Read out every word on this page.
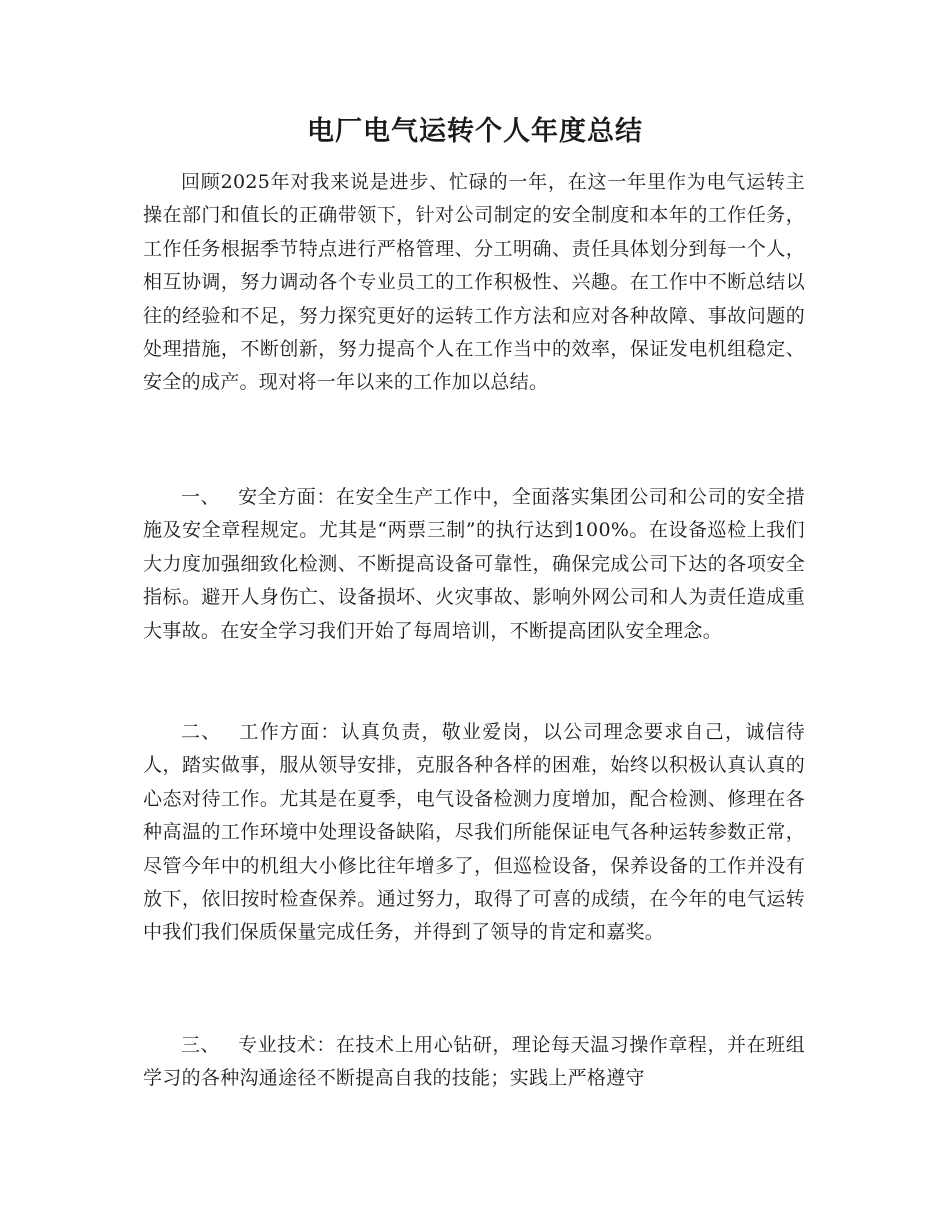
电厂电气运转个人年度总结

回顾2025年对我来说是进步、忙碌的一年，在这一年里作为电气运转主操在部门和值长的正确带领下，针对公司制定的安全制度和本年的工作任务，工作任务根据季节特点进行严格管理、分工明确、责任具体划分到每一个人，相互协调，努力调动各个专业员工的工作积极性、兴趣。在工作中不断总结以往的经验和不足，努力探究更好的运转工作方法和应对各种故障、事故问题的处理措施，不断创新，努力提高个人在工作当中的效率，保证发电机组稳定、安全的成产。现对将一年以来的工作加以总结。

一、 安全方面：在安全生产工作中，全面落实集团公司和公司的安全措施及安全章程规定。尤其是“两票三制”的执行达到100%。在设备巡检上我们大力度加强细致化检测、不断提高设备可靠性，确保完成公司下达的各项安全指标。避开人身伤亡、设备损坏、火灾事故、影响外网公司和人为责任造成重大事故。在安全学习我们开始了每周培训，不断提高团队安全理念。

二、 工作方面：认真负责，敬业爱岗，以公司理念要求自己，诚信待人，踏实做事，服从领导安排，克服各种各样的困难，始终以积极认真认真的心态对待工作。尤其是在夏季，电气设备检测力度增加，配合检测、修理在各种高温的工作环境中处理设备缺陷，尽我们所能保证电气各种运转参数正常，尽管今年中的机组大小修比往年增多了，但巡检设备，保养设备的工作并没有放下，依旧按时检查保养。通过努力，取得了可喜的成绩，在今年的电气运转中我们我们保质保量完成任务，并得到了领导的肯定和嘉奖。

三、 专业技术：在技术上用心钻研，理论每天温习操作章程，并在班组学习的各种沟通途径不断提高自我的技能；实践上严格遵守
